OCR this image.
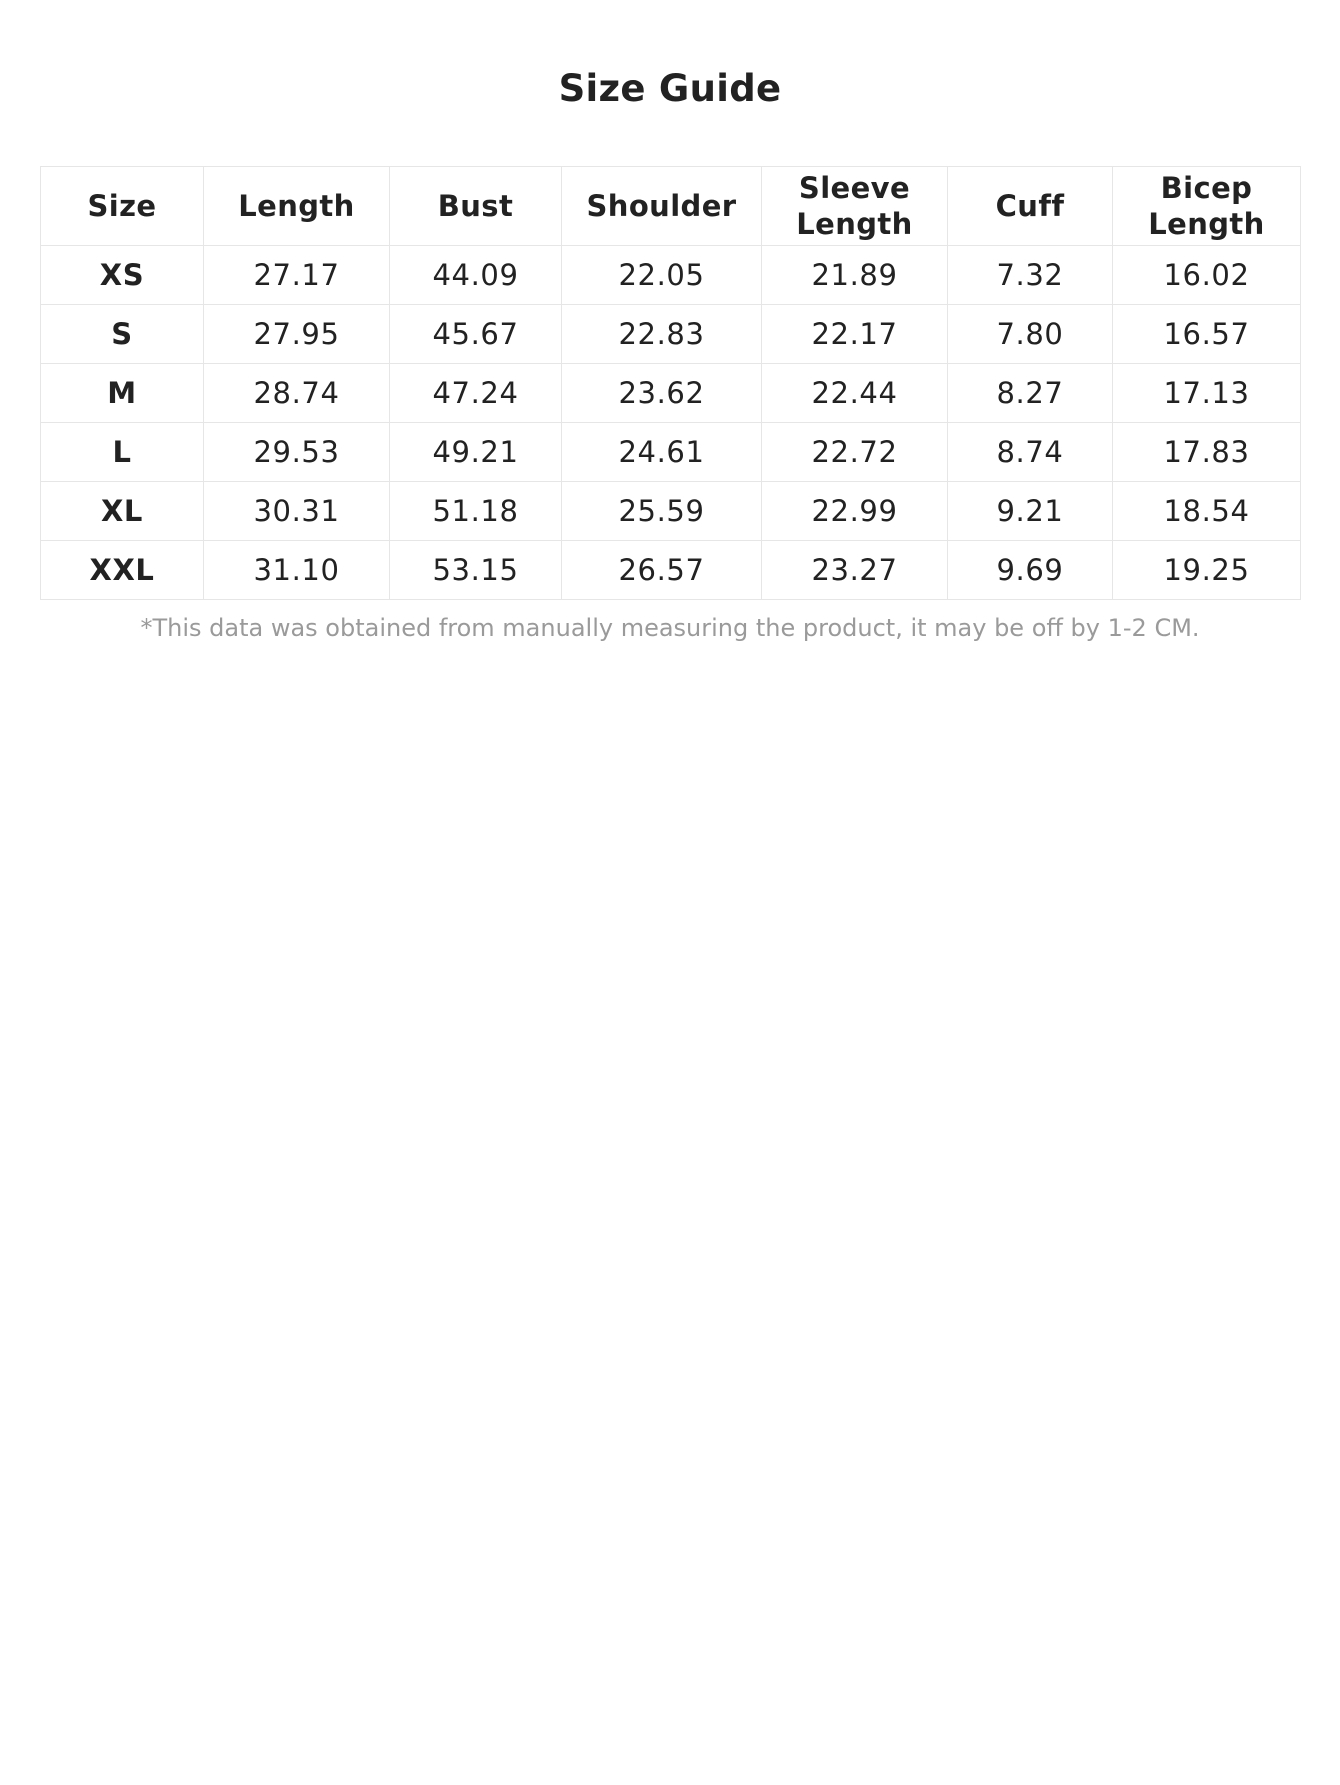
Size Guide
Size	Length	Bust	Shoulder	Sleeve Length	Cuff	Bicep Length
XS	27.17	44.09	22.05	21.89	7.32	16.02
S	27.95	45.67	22.83	22.17	7.80	16.57
M	28.74	47.24	23.62	22.44	8.27	17.13
L	29.53	49.21	24.61	22.72	8.74	17.83
XL	30.31	51.18	25.59	22.99	9.21	18.54
XXL	31.10	53.15	26.57	23.27	9.69	19.25

*This data was obtained from manually measuring the product, it may be off by 1-2 CM.
